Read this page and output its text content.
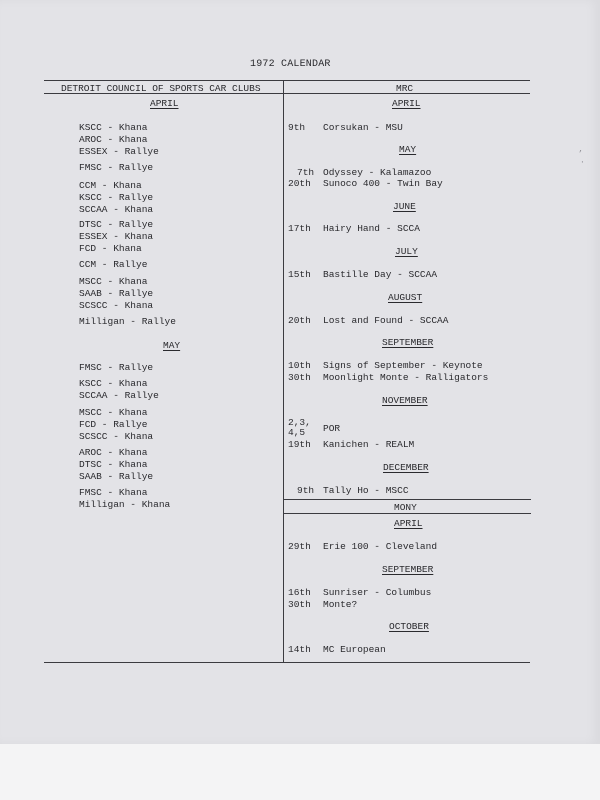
1972 CALENDAR
DETROIT COUNCIL OF SPORTS CAR CLUBS	MRC
MONY
APRIL
KSCC - Khana
AROC - Khana
ESSEX - Rallye
FMSC - Rallye
CCM - Khana
KSCC - Rallye
SCCAA - Khana
DTSC - Rallye
ESSEX - Khana
FCD - Khana
CCM - Rallye
MSCC - Khana
SAAB - Rallye
SCSCC - Khana
Milligan - Rallye
MAY
FMSC - Rallye
KSCC - Khana
SCCAA - Rallye
MSCC - Khana
FCD - Rallye
SCSCC - Khana
AROC - Khana
DTSC - Khana
SAAB - Rallye
FMSC - Khana
Milligan - Khana
APRIL
9th Corsukan - MSU
MAY
7th Odyssey - Kalamazoo
20th Sunoco 400 - Twin Bay
JUNE
17th Hairy Hand - SCCA
JULY
15th Bastille Day - SCCAA
AUGUST
20th Lost and Found - SCCAA
SEPTEMBER
10th Signs of September - Keynote
30th Moonlight Monte - Ralligators
NOVEMBER
2,3,
4,5 POR
19th Kanichen - REALM
DECEMBER
9th Tally Ho - MSCC
APRIL
29th Erie 100 - Cleveland
SEPTEMBER
16th Sunriser - Columbus
30th Monte?
OCTOBER
14th MC European
’
·
